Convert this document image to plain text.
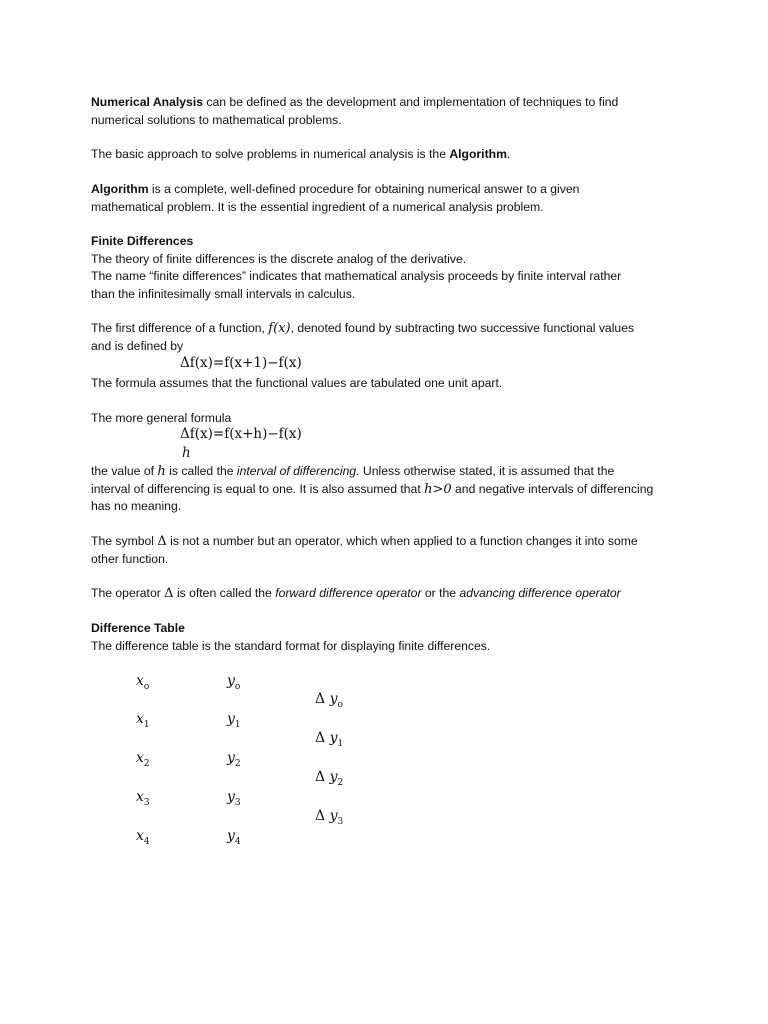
Numerical Analysis can be defined as the development and implementation of techniques to find

numerical solutions to mathematical problems.

The basic approach to solve problems in numerical analysis is the Algorithm.

Algorithm is a complete, well-defined procedure for obtaining numerical answer to a given

mathematical problem. It is the essential ingredient of a numerical analysis problem.

Finite Differences

The theory of finite differences is the discrete analog of the derivative.

The name “finite differences” indicates that mathematical analysis proceeds by finite interval rather

than the infinitesimally small intervals in calculus.

The first difference of a function, f(x), denoted found by subtracting two successive functional values

and is defined by

Δf(x)=f(x+1)−f(x)

The formula assumes that the functional values are tabulated one unit apart.

The more general formula

Δf(x)=f(x+h)−f(x)
h

the value of h is called the interval of differencing. Unless otherwise stated, it is assumed that the

interval of differencing is equal to one. It is also assumed that h>0 and negative intervals of differencing

has no meaning.

The symbol Δ is not a number but an operator, which when applied to a function changes it into some

other function.

The operator Δ is often called the forward difference operator or the advancing difference operator

Difference Table

The difference table is the standard format for displaying finite differences.

$x_o$
$x_1$
$x_2$
$x_3$
$x_4$
$y_o$
$y_1$
$y_2$
$y_3$
$y_4$
Δ $y_o$
Δ $y_1$
Δ $y_2$
Δ $y_3$
